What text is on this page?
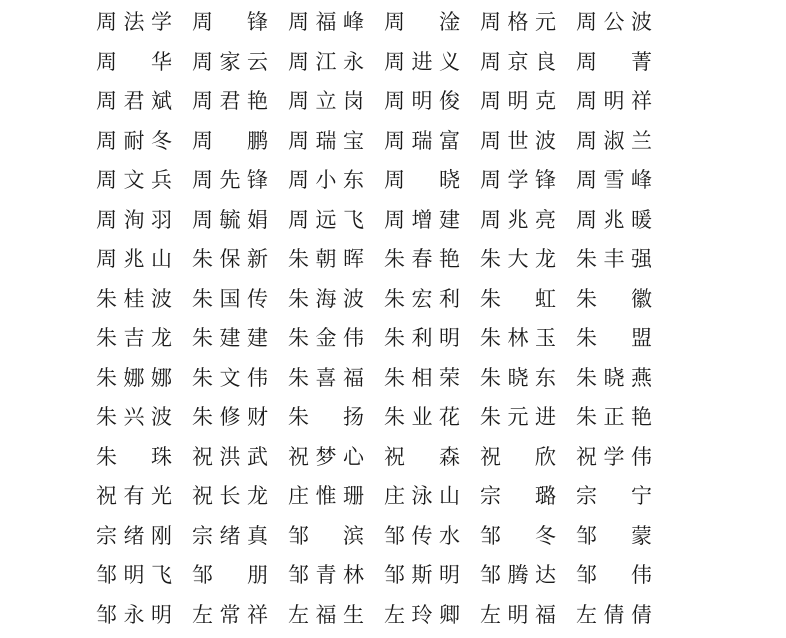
周 法 学 周 锋 周 福 峰 周 淦 周 格 元 周 公 波
周 华 周 家 云 周 江 永 周 进 义 周 京 良 周 菁
周 君 斌 周 君 艳 周 立 岗 周 明 俊 周 明 克 周 明 祥
周 耐 冬 周 鹏 周 瑞 宝 周 瑞 富 周 世 波 周 淑 兰
周 文 兵 周 先 锋 周 小 东 周 晓 周 学 锋 周 雪 峰
周 洵 羽 周 毓 娟 周 远 飞 周 增 建 周 兆 亮 周 兆 暖
周 兆 山 朱 保 新 朱 朝 晖 朱 春 艳 朱 大 龙 朱 丰 强
朱 桂 波 朱 国 传 朱 海 波 朱 宏 利 朱 虹 朱 徽
朱 吉 龙 朱 建 建 朱 金 伟 朱 利 明 朱 林 玉 朱 盟
朱 娜 娜 朱 文 伟 朱 喜 福 朱 相 荣 朱 晓 东 朱 晓 燕
朱 兴 波 朱 修 财 朱 扬 朱 业 花 朱 元 进 朱 正 艳
朱 珠 祝 洪 武 祝 梦 心 祝 森 祝 欣 祝 学 伟
祝 有 光 祝 长 龙 庄 惟 珊 庄 泳 山 宗 璐 宗 宁
宗 绪 刚 宗 绪 真 邹 滨 邹 传 水 邹 冬 邹 蒙
邹 明 飞 邹 朋 邹 青 林 邹 斯 明 邹 腾 达 邹 伟
邹 永 明 左 常 祥 左 福 生 左 玲 卿 左 明 福 左 倩 倩
